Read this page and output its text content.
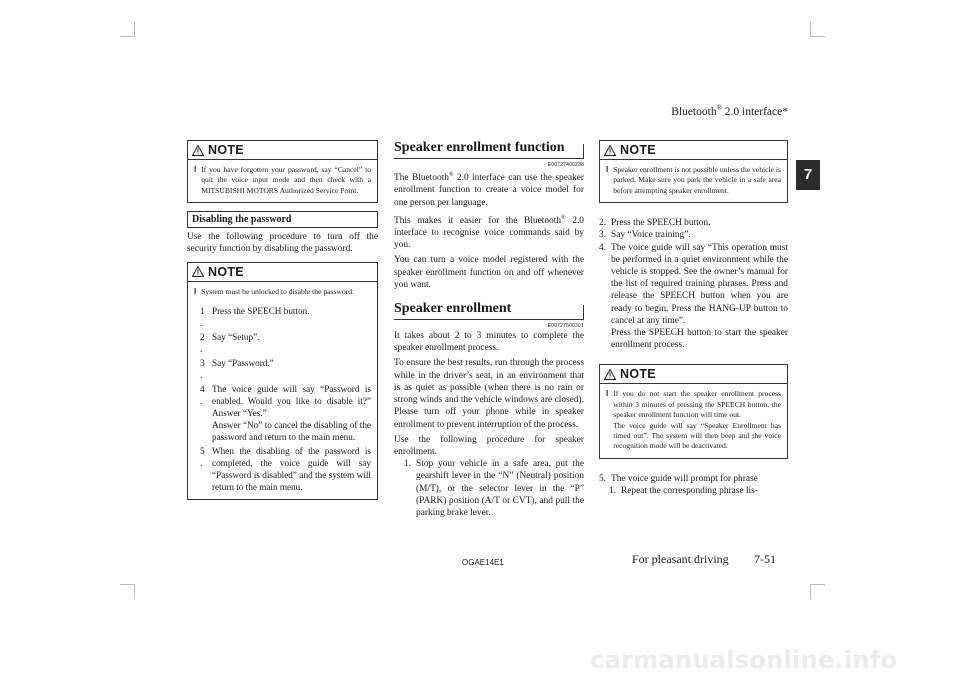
Bluetooth® 2.0 interface*
7
NOTE
l If you have forgotten your password, say “Cancel” to quit the voice input mode and then check with a MITSUBISHI MOTORS Authorized Service Point.
Disabling the password

Use the following procedure to turn off the security function by disabling the password.

NOTE
l System must be unlocked to disable the password.
1
.
Press the SPEECH button.
2
.
Say “Setup”.
3
.
Say “Password.”
4
.
The voice guide will say “Password is enabled. Would you like to disable it?” Answer “Yes.”
Answer “No” to cancel the disabling of the password and return to the main menu.
5
.
When the disabling of the password is completed, the voice guide will say “Password is disabled” and the system will return to the main menu.
Speaker enrollment function
E00727400238

The Bluetooth® 2.0 interface can use the speaker enrollment function to create a voice model for one person per language.

This makes it easier for the Bluetooth® 2.0 interface to recognise voice commands said by you.

You can turn a voice model registered with the speaker enrollment function on and off whenever you want.

Speaker enrollment
E00727500301

It takes about 2 to 3 minutes to complete the speaker enrollment process.

To ensure the best results, run through the process while in the driver’s seat, in an environment that is as quiet as possible (when there is no rain or strong winds and the vehicle windows are closed). Please turn off your phone while in speaker enrollment to prevent interruption of the process.

Use the following procedure for speaker enrollment.

1. Stop your vehicle in a safe area, put the gearshift lever in the “N” (Neutral) position (M/T), or the selector lever in the “P” (PARK) position (A/T or CVT), and pull the parking brake lever.
NOTE
l Speaker enrollment is not possible unless the vehicle is parked. Make sure you park the vehicle in a safe area before attempting speaker enrollment.
2. Press the SPEECH button.
3. Say “Voice training”.
4. The voice guide will say “This operation must be performed in a quiet environment while the vehicle is stopped. See the owner’s manual for the list of required training phrases. Press and release the SPEECH button when you are ready to begin. Press the HANG-UP button to cancel at any time”.
Press the SPEECH button to start the speaker enrollment process.
NOTE
l If you do not start the speaker enrollment process within 3 minutes of pressing the SPEECH button, the speaker enrollment function will time out.
The voice guide will say “Speaker Enrollment has timed out”. The system will then beep and the voice recognition mode will be deactivated.
5. The voice guide will prompt for phrase
1. Repeat the corresponding phrase lis-
OGAE14E1	For pleasant driving 7-51
carmanualsonline.info
